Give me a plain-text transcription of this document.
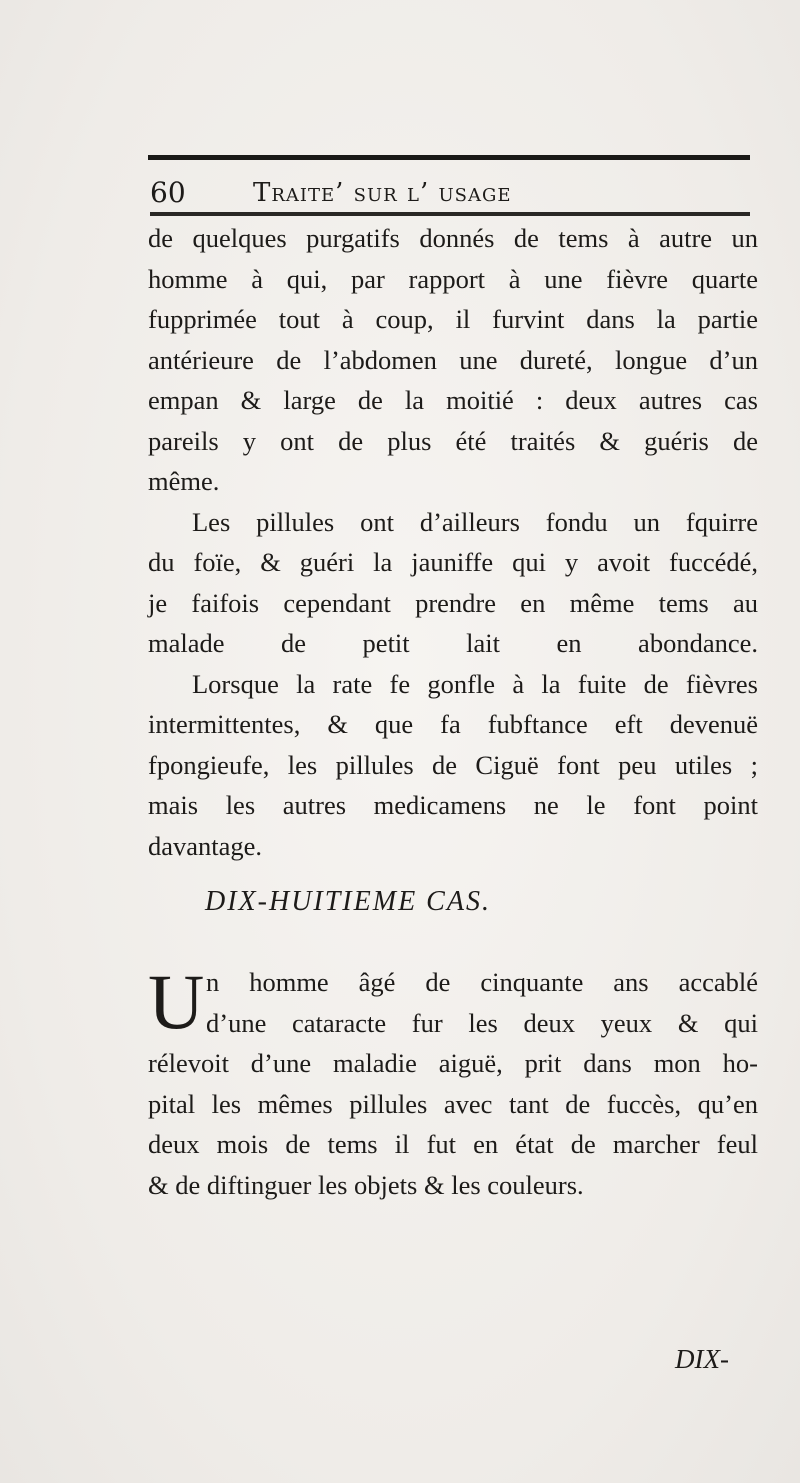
60	Traite’ sur l’ usage
de quelques purgatifs donnés de tems à autre un
homme à qui, par rapport à une fièvre quarte
fupprimée tout à coup, il furvint dans la partie
antérieure de l’abdomen une dureté, longue d’un
empan & large de la moitié : deux autres cas
pareils y ont de plus été traités & guéris de
même.
Les pillules ont d’ailleurs fondu un fquirre
du foïe, & guéri la jauniffe qui y avoit fuccédé,
je faifois cependant prendre en même tems au
malade de petit lait en abondance.
Lorsque la rate fe gonfle à la fuite de fièvres
intermittentes, & que fa fubftance eft devenuë
fpongieufe, les pillules de Ciguë font peu utiles ;
mais les autres medicamens ne le font point
davantage.
DIX-HUITIEME CAS.
U n homme âgé de cinquante ans accablé
d’une cataracte fur les deux yeux & qui
rélevoit d’une maladie aiguë, prit dans mon ho-
pital les mêmes pillules avec tant de fuccès, qu’en
deux mois de tems il fut en état de marcher feul
& de diftinguer les objets & les couleurs.
DIX-
